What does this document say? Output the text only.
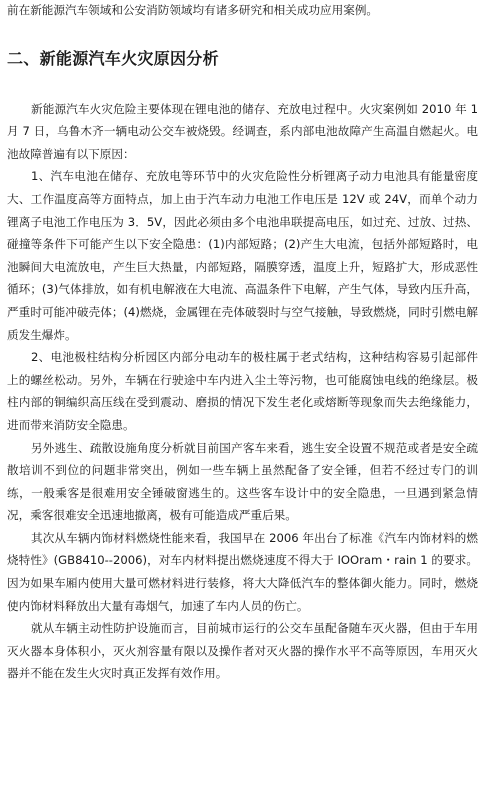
前在新能源汽车领域和公安消防领域均有诸多研究和相关成功应用案例。

二、新能源汽车火灾原因分析

新能源汽车火灾危险主要体现在锂电池的储存、充放电过程中。火灾案例如 2010 年 1 月 7 日，乌鲁木齐一辆电动公交车被烧毁。经调查，系内部电池故障产生高温自燃起火。电池故障普遍有以下原因：

1、汽车电池在储存、充放电等环节中的火灾危险性分析锂离子动力电池具有能量密度大、工作温度高等方面特点，加上由于汽车动力电池工作电压是 12V 或 24V，而单个动力锂离子电池工作电压为 3．5V，因此必须由多个电池串联提高电压，如过充、过放、过热、碰撞等条件下可能产生以下安全隐患：(1)内部短路；(2)产生大电流，包括外部短路时，电池瞬间大电流放电，产生巨大热量，内部短路，隔膜穿透，温度上升，短路扩大，形成恶性循环；(3)气体排放，如有机电解液在大电流、高温条件下电解，产生气体，导致内压升高，严重时可能冲破壳体；(4)燃烧，金属锂在壳体破裂时与空气接触，导致燃烧，同时引燃电解质发生爆炸。

2、电池极柱结构分析园区内部分电动车的极柱属于老式结构，这种结构容易引起部件上的螺丝松动。另外，车辆在行驶途中车内进入尘土等污物，也可能腐蚀电线的绝缘层。极柱内部的铜编织高压线在受到震动、磨损的情况下发生老化或熔断等现象而失去绝缘能力，进而带来消防安全隐患。

另外逃生、疏散设施角度分析就目前国产客车来看，逃生安全设置不规范或者是安全疏散培训不到位的问题非常突出，例如一些车辆上虽然配备了安全锤，但若不经过专门的训练，一般乘客是很难用安全锤破窗逃生的。这些客车设计中的安全隐患，一旦遇到紧急情况，乘客很难安全迅速地撤离，极有可能造成严重后果。

其次从车辆内饰材料燃烧性能来看，我国早在 2006 年出台了标准《汽车内饰材料的燃烧特性》(GB8410--2006)，对车内材料提出燃烧速度不得大于 IOOram・rain 1 的要求。因为如果车厢内使用大量可燃材料进行装修，将大大降低汽车的整体御火能力。同时，燃烧使内饰材料释放出大量有毒烟气，加速了车内人员的伤亡。

就从车辆主动性防护设施而言，目前城市运行的公交车虽配备随车灭火器，但由于车用灭火器本身体积小，灭火剂容量有限以及操作者对灭火器的操作水平不高等原因，车用灭火器并不能在发生火灾时真正发挥有效作用。
